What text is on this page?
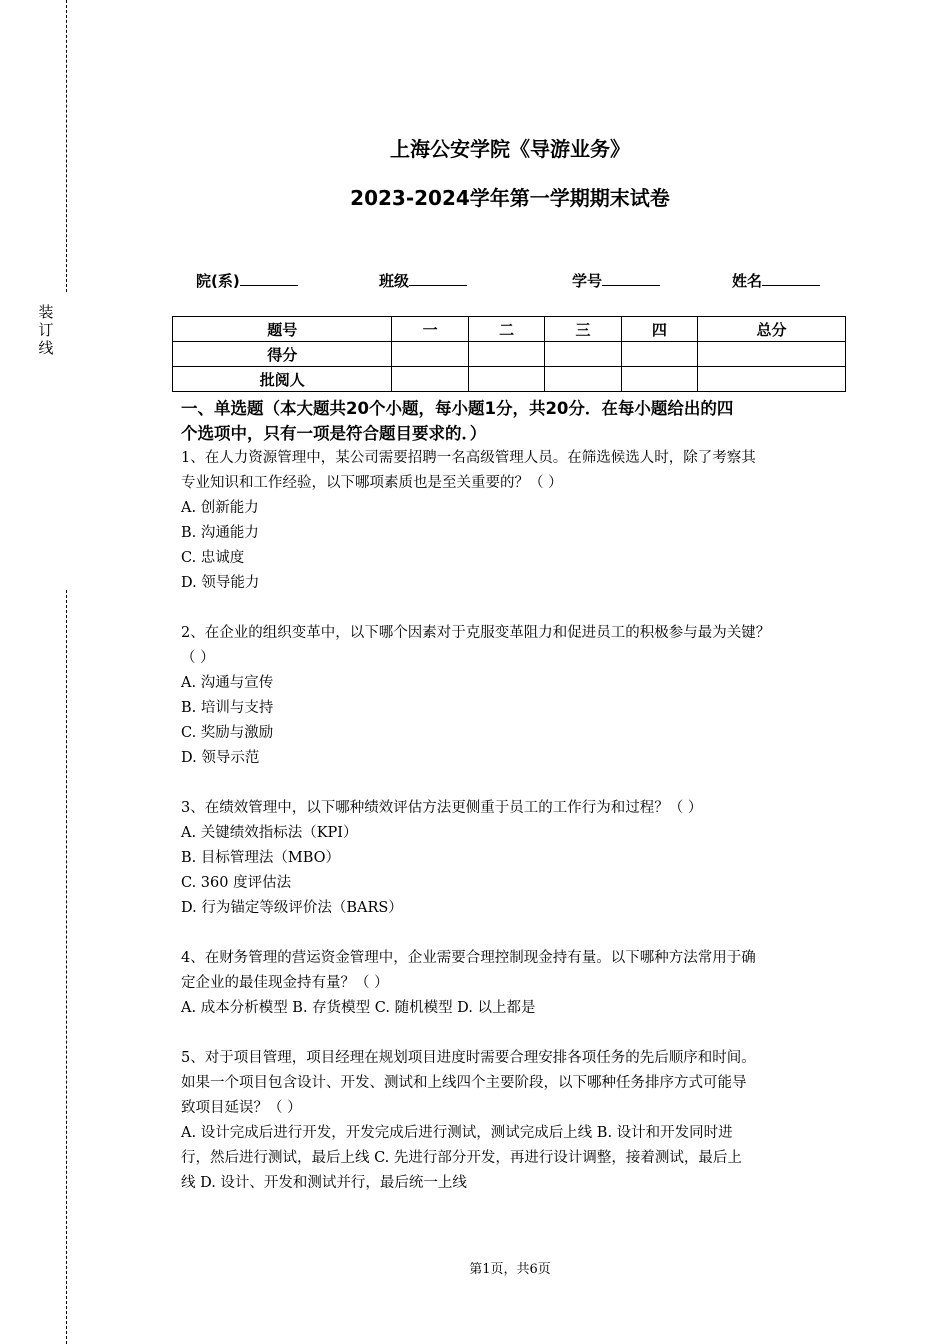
装
订
线
上海公安学院《导游业务》
2023-2024学年第一学期期末试卷
院(系)	班级	学号	姓名
题号	一	二	三	四	总分
得分					
批阅人					

一、单选题（本大题共20个小题，每小题1分，共20分．在每小题给出的四

个选项中，只有一项是符合题目要求的．）

1、在人力资源管理中，某公司需要招聘一名高级管理人员。在筛选候选人时，除了考察其

专业知识和工作经验，以下哪项素质也是至关重要的？（ ）

A. 创新能力

B. 沟通能力

C. 忠诚度

D. 领导能力

2、在企业的组织变革中，以下哪个因素对于克服变革阻力和促进员工的积极参与最为关键？

（ ）

A. 沟通与宣传

B. 培训与支持

C. 奖励与激励

D. 领导示范

3、在绩效管理中，以下哪种绩效评估方法更侧重于员工的工作行为和过程？（ ）

A. 关键绩效指标法（KPI）

B. 目标管理法（MBO）

C. 360 度评估法

D. 行为锚定等级评价法（BARS）

4、在财务管理的营运资金管理中，企业需要合理控制现金持有量。以下哪种方法常用于确

定企业的最佳现金持有量？（ ）

A. 成本分析模型 B. 存货模型 C. 随机模型 D. 以上都是

5、对于项目管理，项目经理在规划项目进度时需要合理安排各项任务的先后顺序和时间。

如果一个项目包含设计、开发、测试和上线四个主要阶段，以下哪种任务排序方式可能导

致项目延误？（ ）

A. 设计完成后进行开发，开发完成后进行测试，测试完成后上线 B. 设计和开发同时进

行，然后进行测试，最后上线 C. 先进行部分开发，再进行设计调整，接着测试，最后上

线 D. 设计、开发和测试并行，最后统一上线

第1页，共6页
